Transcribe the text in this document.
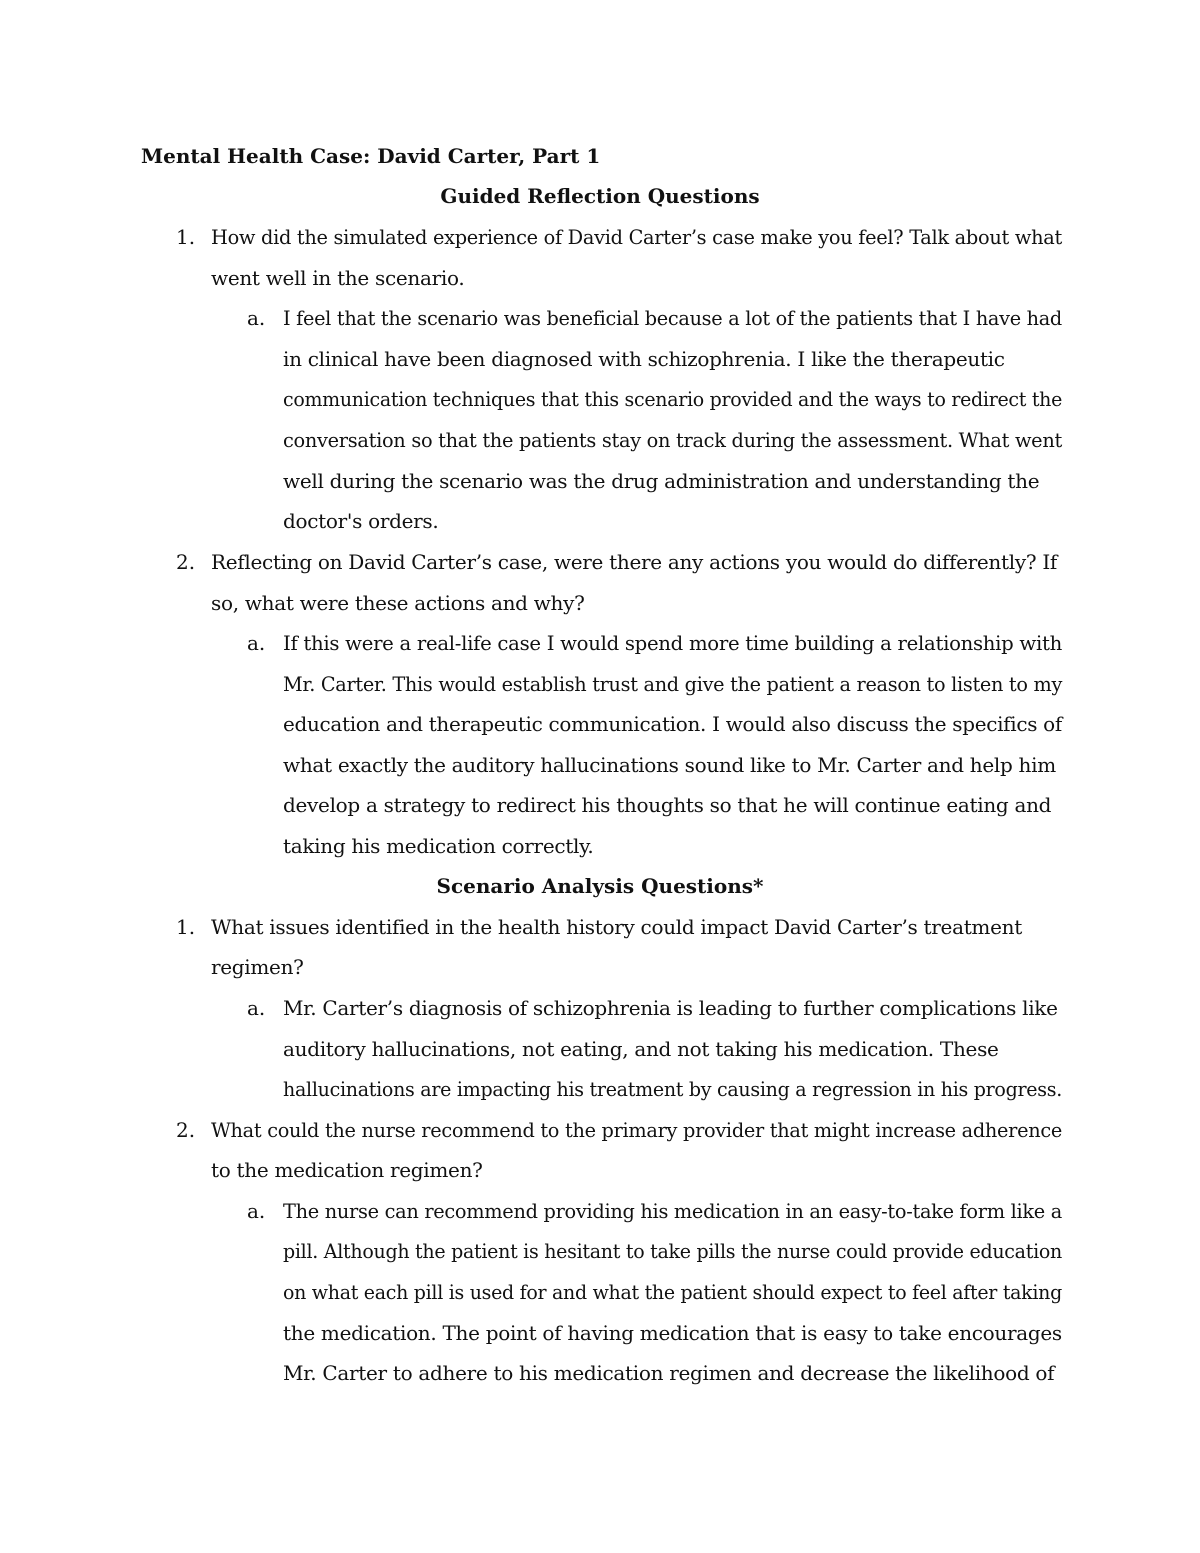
Mental Health Case: David Carter, Part 1
Guided Reflection Questions
1. How did the simulated experience of David Carter’s case make you feel? Talk about what
went well in the scenario.
a. I feel that the scenario was beneficial because a lot of the patients that I have had
in clinical have been diagnosed with schizophrenia. I like the therapeutic
communication techniques that this scenario provided and the ways to redirect the
conversation so that the patients stay on track during the assessment. What went
well during the scenario was the drug administration and understanding the
doctor's orders.
2. Reflecting on David Carter’s case, were there any actions you would do differently? If
so, what were these actions and why?
a. If this were a real-life case I would spend more time building a relationship with
Mr. Carter. This would establish trust and give the patient a reason to listen to my
education and therapeutic communication. I would also discuss the specifics of
what exactly the auditory hallucinations sound like to Mr. Carter and help him
develop a strategy to redirect his thoughts so that he will continue eating and
taking his medication correctly.
Scenario Analysis Questions*
1. What issues identified in the health history could impact David Carter’s treatment
regimen?
a. Mr. Carter’s diagnosis of schizophrenia is leading to further complications like
auditory hallucinations, not eating, and not taking his medication. These
hallucinations are impacting his treatment by causing a regression in his progress.
2. What could the nurse recommend to the primary provider that might increase adherence
to the medication regimen?
a. The nurse can recommend providing his medication in an easy-to-take form like a
pill. Although the patient is hesitant to take pills the nurse could provide education
on what each pill is used for and what the patient should expect to feel after taking
the medication. The point of having medication that is easy to take encourages
Mr. Carter to adhere to his medication regimen and decrease the likelihood of
